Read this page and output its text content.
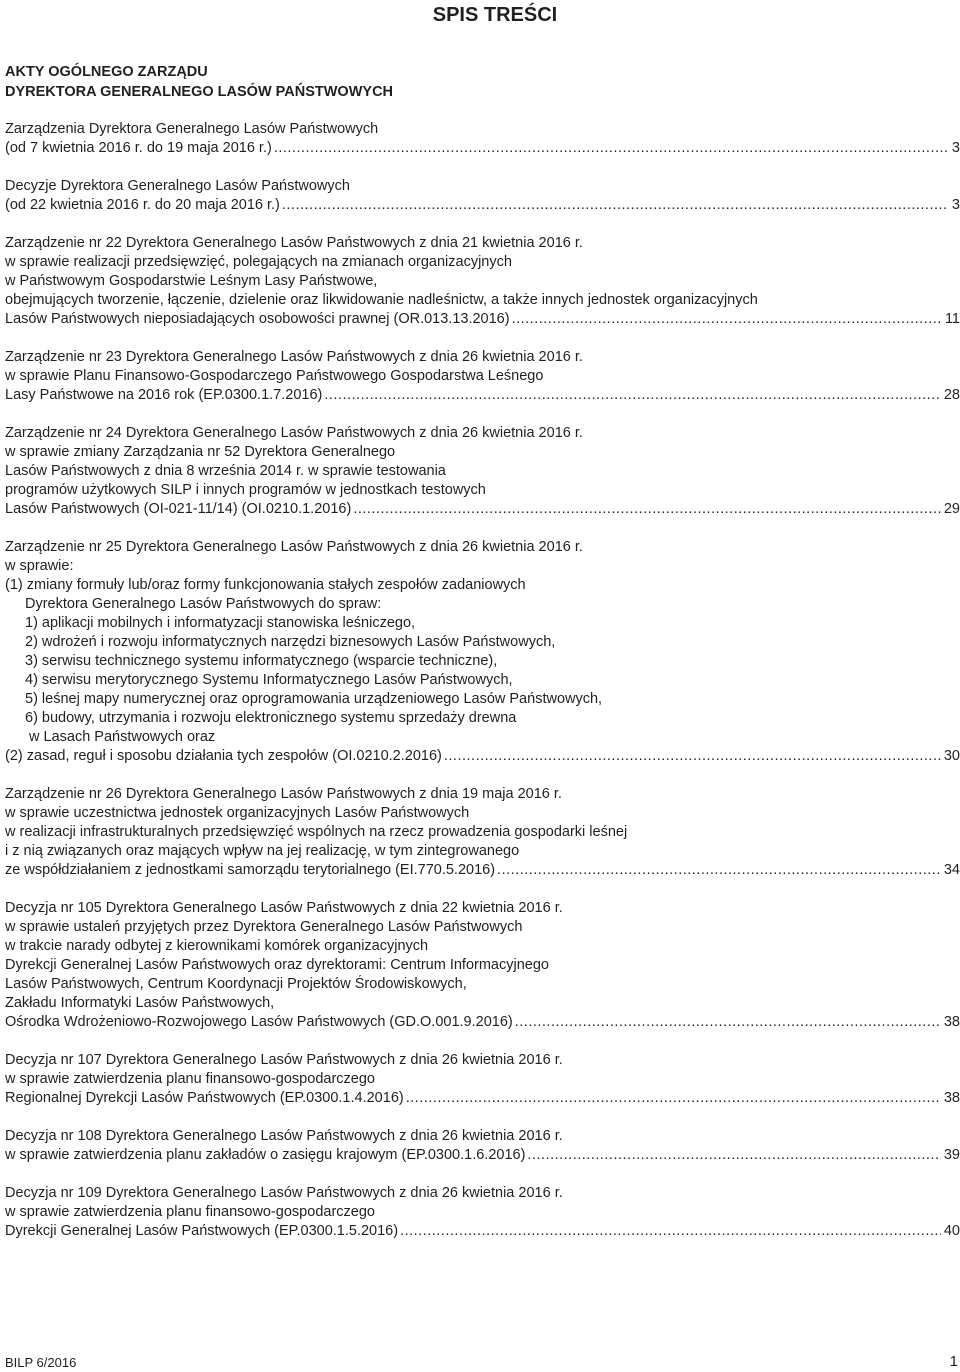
SPIS TREŚCI
AKTY OGÓLNEGO ZARZĄDU
DYREKTORA GENERALNEGO LASÓW PAŃSTWOWYCH
Zarządzenia Dyrektora Generalnego Lasów Państwowych
(od 7 kwietnia 2016 r. do 19 maja 2016 r.) .....	3
Decyzje Dyrektora Generalnego Lasów Państwowych
(od 22 kwietnia 2016 r. do 20 maja 2016 r.) .....	3
Zarządzenie nr 22 Dyrektora Generalnego Lasów Państwowych z dnia 21 kwietnia 2016 r.
w sprawie realizacji przedsięwzięć, polegających na zmianach organizacyjnych
w Państwowym Gospodarstwie Leśnym Lasy Państwowe,
obejmujących tworzenie, łączenie, dzielenie oraz likwidowanie nadleśnictw, a także innych jednostek organizacyjnych
Lasów Państwowych nieposiadających osobowości prawnej (OR.013.13.2016) .....	11
Zarządzenie nr 23 Dyrektora Generalnego Lasów Państwowych z dnia 26 kwietnia 2016 r.
w sprawie Planu Finansowo-Gospodarczego Państwowego Gospodarstwa Leśnego
Lasy Państwowe na 2016 rok (EP.0300.1.7.2016) .....	28
Zarządzenie nr 24 Dyrektora Generalnego Lasów Państwowych z dnia 26 kwietnia 2016 r.
w sprawie zmiany Zarządzania nr 52 Dyrektora Generalnego
Lasów Państwowych z dnia 8 września 2014 r. w sprawie testowania
programów użytkowych SILP i innych programów w jednostkach testowych
Lasów Państwowych (OI-021-11/14) (OI.0210.1.2016) .....	29
Zarządzenie nr 25 Dyrektora Generalnego Lasów Państwowych z dnia 26 kwietnia 2016 r.
w sprawie:
(1) zmiany formuły lub/oraz formy funkcjonowania stałych zespołów zadaniowych
Dyrektora Generalnego Lasów Państwowych do spraw:
1) aplikacji mobilnych i informatyzacji stanowiska leśniczego,
2) wdrożeń i rozwoju informatycznych narzędzi biznesowych Lasów Państwowych,
3) serwisu technicznego systemu informatycznego (wsparcie techniczne),
4) serwisu merytorycznego Systemu Informatycznego Lasów Państwowych,
5) leśnej mapy numerycznej oraz oprogramowania urządzeniowego Lasów Państwowych,
6) budowy, utrzymania i rozwoju elektronicznego systemu sprzedaży drewna
w Lasach Państwowych oraz
(2) zasad, reguł i sposobu działania tych zespołów (OI.0210.2.2016) .....	30
Zarządzenie nr 26 Dyrektora Generalnego Lasów Państwowych z dnia 19 maja 2016 r.
w sprawie uczestnictwa jednostek organizacyjnych Lasów Państwowych
w realizacji infrastrukturalnych przedsięwzięć wspólnych na rzecz prowadzenia gospodarki leśnej
i z nią związanych oraz mających wpływ na jej realizację, w tym zintegrowanego
ze współdziałaniem z jednostkami samorządu terytorialnego (EI.770.5.2016) .....	34
Decyzja nr 105 Dyrektora Generalnego Lasów Państwowych z dnia 22 kwietnia 2016 r.
w sprawie ustaleń przyjętych przez Dyrektora Generalnego Lasów Państwowych
w trakcie narady odbytej z kierownikami komórek organizacyjnych
Dyrekcji Generalnej Lasów Państwowych oraz dyrektorami: Centrum Informacyjnego
Lasów Państwowych, Centrum Koordynacji Projektów Środowiskowych,
Zakładu Informatyki Lasów Państwowych,
Ośrodka Wdrożeniowo-Rozwojowego Lasów Państwowych (GD.O.001.9.2016) .....	38
Decyzja nr 107 Dyrektora Generalnego Lasów Państwowych z dnia 26 kwietnia 2016 r.
w sprawie zatwierdzenia planu finansowo-gospodarczego
Regionalnej Dyrekcji Lasów Państwowych (EP.0300.1.4.2016) .....	38
Decyzja nr 108 Dyrektora Generalnego Lasów Państwowych z dnia 26 kwietnia 2016 r.
w sprawie zatwierdzenia planu zakładów o zasięgu krajowym (EP.0300.1.6.2016) .....	39
Decyzja nr 109 Dyrektora Generalnego Lasów Państwowych z dnia 26 kwietnia 2016 r.
w sprawie zatwierdzenia planu finansowo-gospodarczego
Dyrekcji Generalnej Lasów Państwowych (EP.0300.1.5.2016) .....	40
BILP 6/2016	1
